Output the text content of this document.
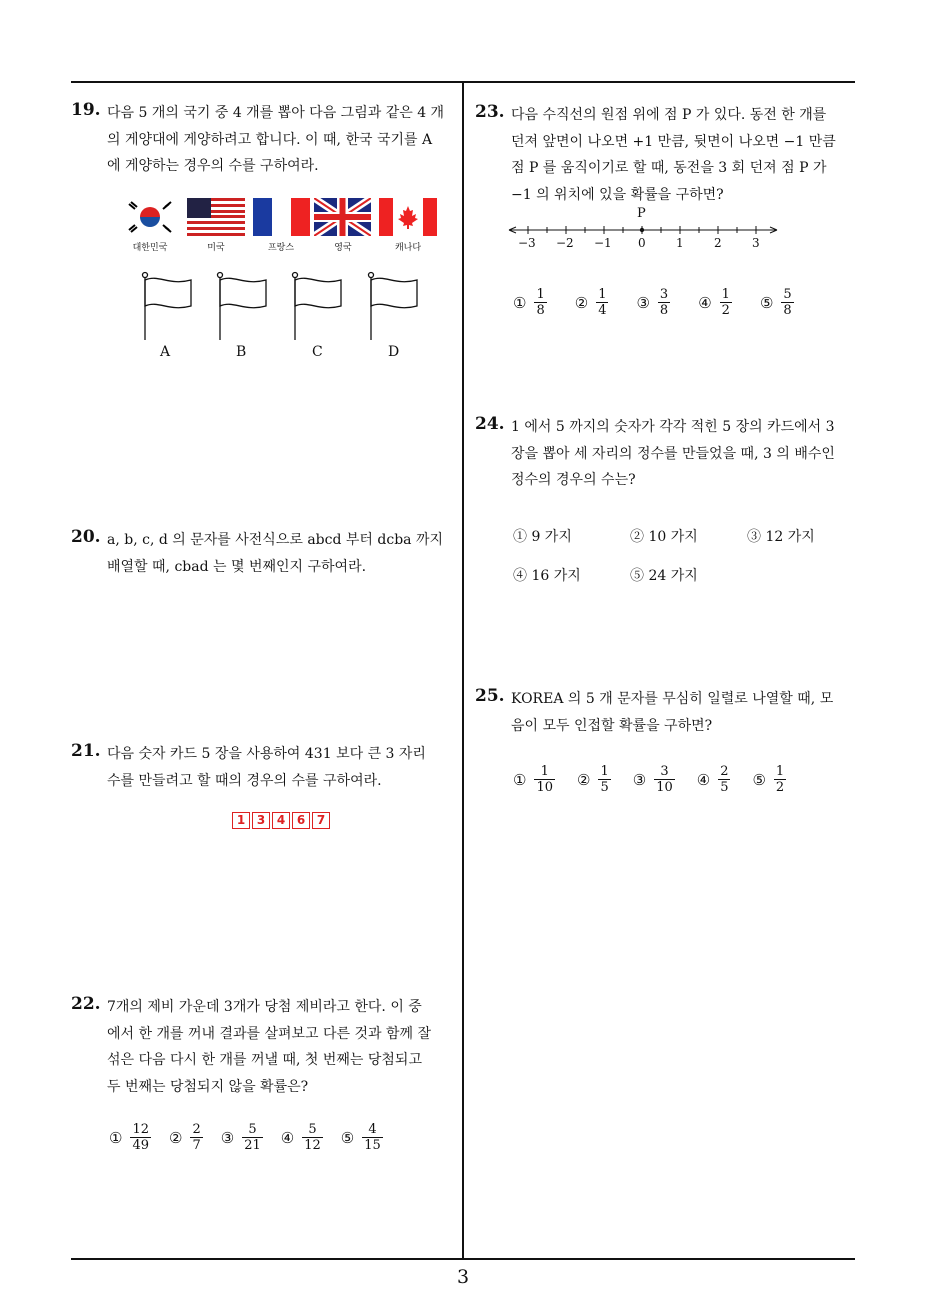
19. 다음 5 개의 국기 중 4 개를 뽑아 다음 그림과 같은 4 개
의 게양대에 게양하려고 합니다. 이 때, 한국 국기를 A
에 게양하는 경우의 수를 구하여라.
대한민국	미국	프랑스	영국	캐나다
A	B	C	D
20. a, b, c, d 의 문자를 사전식으로 abcd 부터 dcba 까지
배열할 때, cbad 는 몇 번째인지 구하여라.
21. 다음 숫자 카드 5 장을 사용하여 431 보다 큰 3 자리
수를 만들려고 할 때의 경우의 수를 구하여라.
1 3 4 6 7
22. 7개의 제비 가운데 3개가 당첨 제비라고 한다. 이 중
에서 한 개를 꺼내 결과를 살펴보고 다른 것과 함께 잘
섞은 다음 다시 한 개를 꺼낼 때, 첫 번째는 당첨되고
두 번째는 당첨되지 않을 확률은?
① $\frac{12}{49}$ ② $\frac{2}{7}$ ③ $\frac{5}{21}$ ④ $\frac{5}{12}$ ⑤ $\frac{4}{15}$
23. 다음 수직선의 원점 위에 점 P 가 있다. 동전 한 개를
던져 앞면이 나오면 +1 만큼, 뒷면이 나오면 −1 만큼
점 P 를 움직이기로 할 때, 동전을 3 회 던져 점 P 가
−1 의 위치에 있을 확률을 구하면?
P
−3 −2 −1 0	1	2	3
① $\frac{1}{8}$ ② $\frac{1}{4}$ ③ $\frac{3}{8}$ ④ $\frac{1}{2}$ ⑤ $\frac{5}{8}$
24. 1 에서 5 까지의 숫자가 각각 적힌 5 장의 카드에서 3
장을 뽑아 세 자리의 정수를 만들었을 때, 3 의 배수인
정수의 경우의 수는?
① 9 가지	② 10 가지	③ 12 가지
④ 16 가지	⑤ 24 가지
25. KOREA 의 5 개 문자를 무심히 일렬로 나열할 때, 모
음이 모두 인접할 확률을 구하면?
① $\frac{1}{10}$ ② $\frac{1}{5}$ ③ $\frac{3}{10}$ ④ $\frac{2}{5}$ ⑤ $\frac{1}{2}$
3
